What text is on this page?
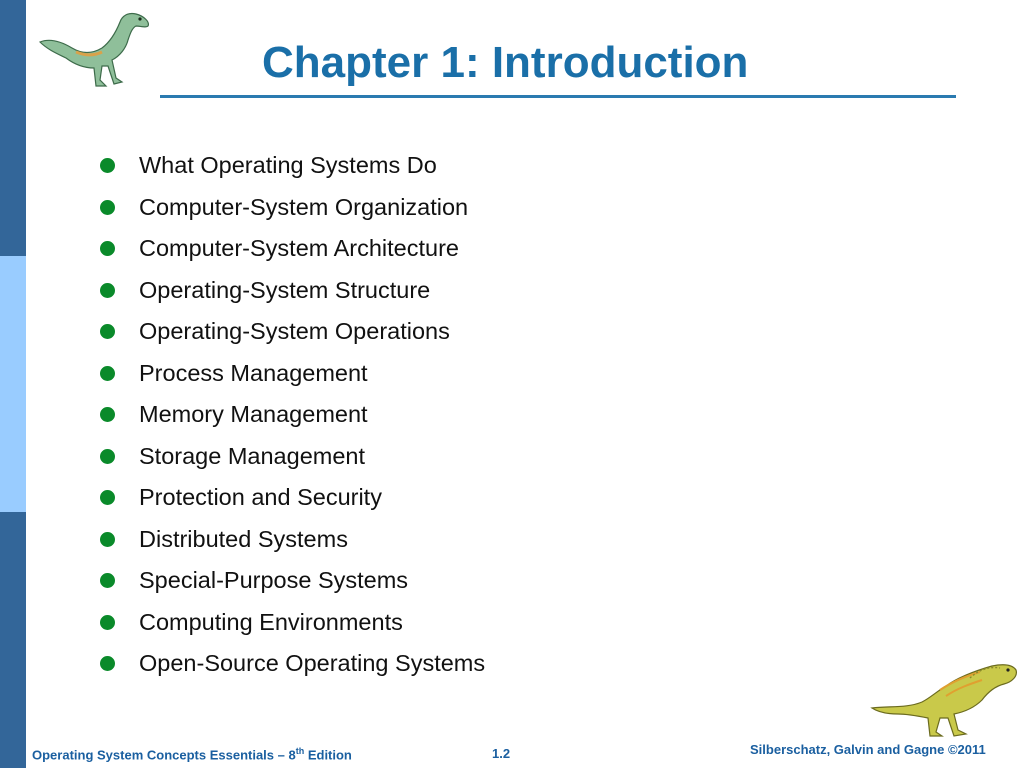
Chapter 1: Introduction
What Operating Systems Do
Computer-System Organization
Computer-System Architecture
Operating-System Structure
Operating-System Operations
Process Management
Memory Management
Storage Management
Protection and Security
Distributed Systems
Special-Purpose Systems
Computing Environments
Open-Source Operating Systems
Operating System Concepts Essentials – 8th Edition	1.2	Silberschatz, Galvin and Gagne ©2011
